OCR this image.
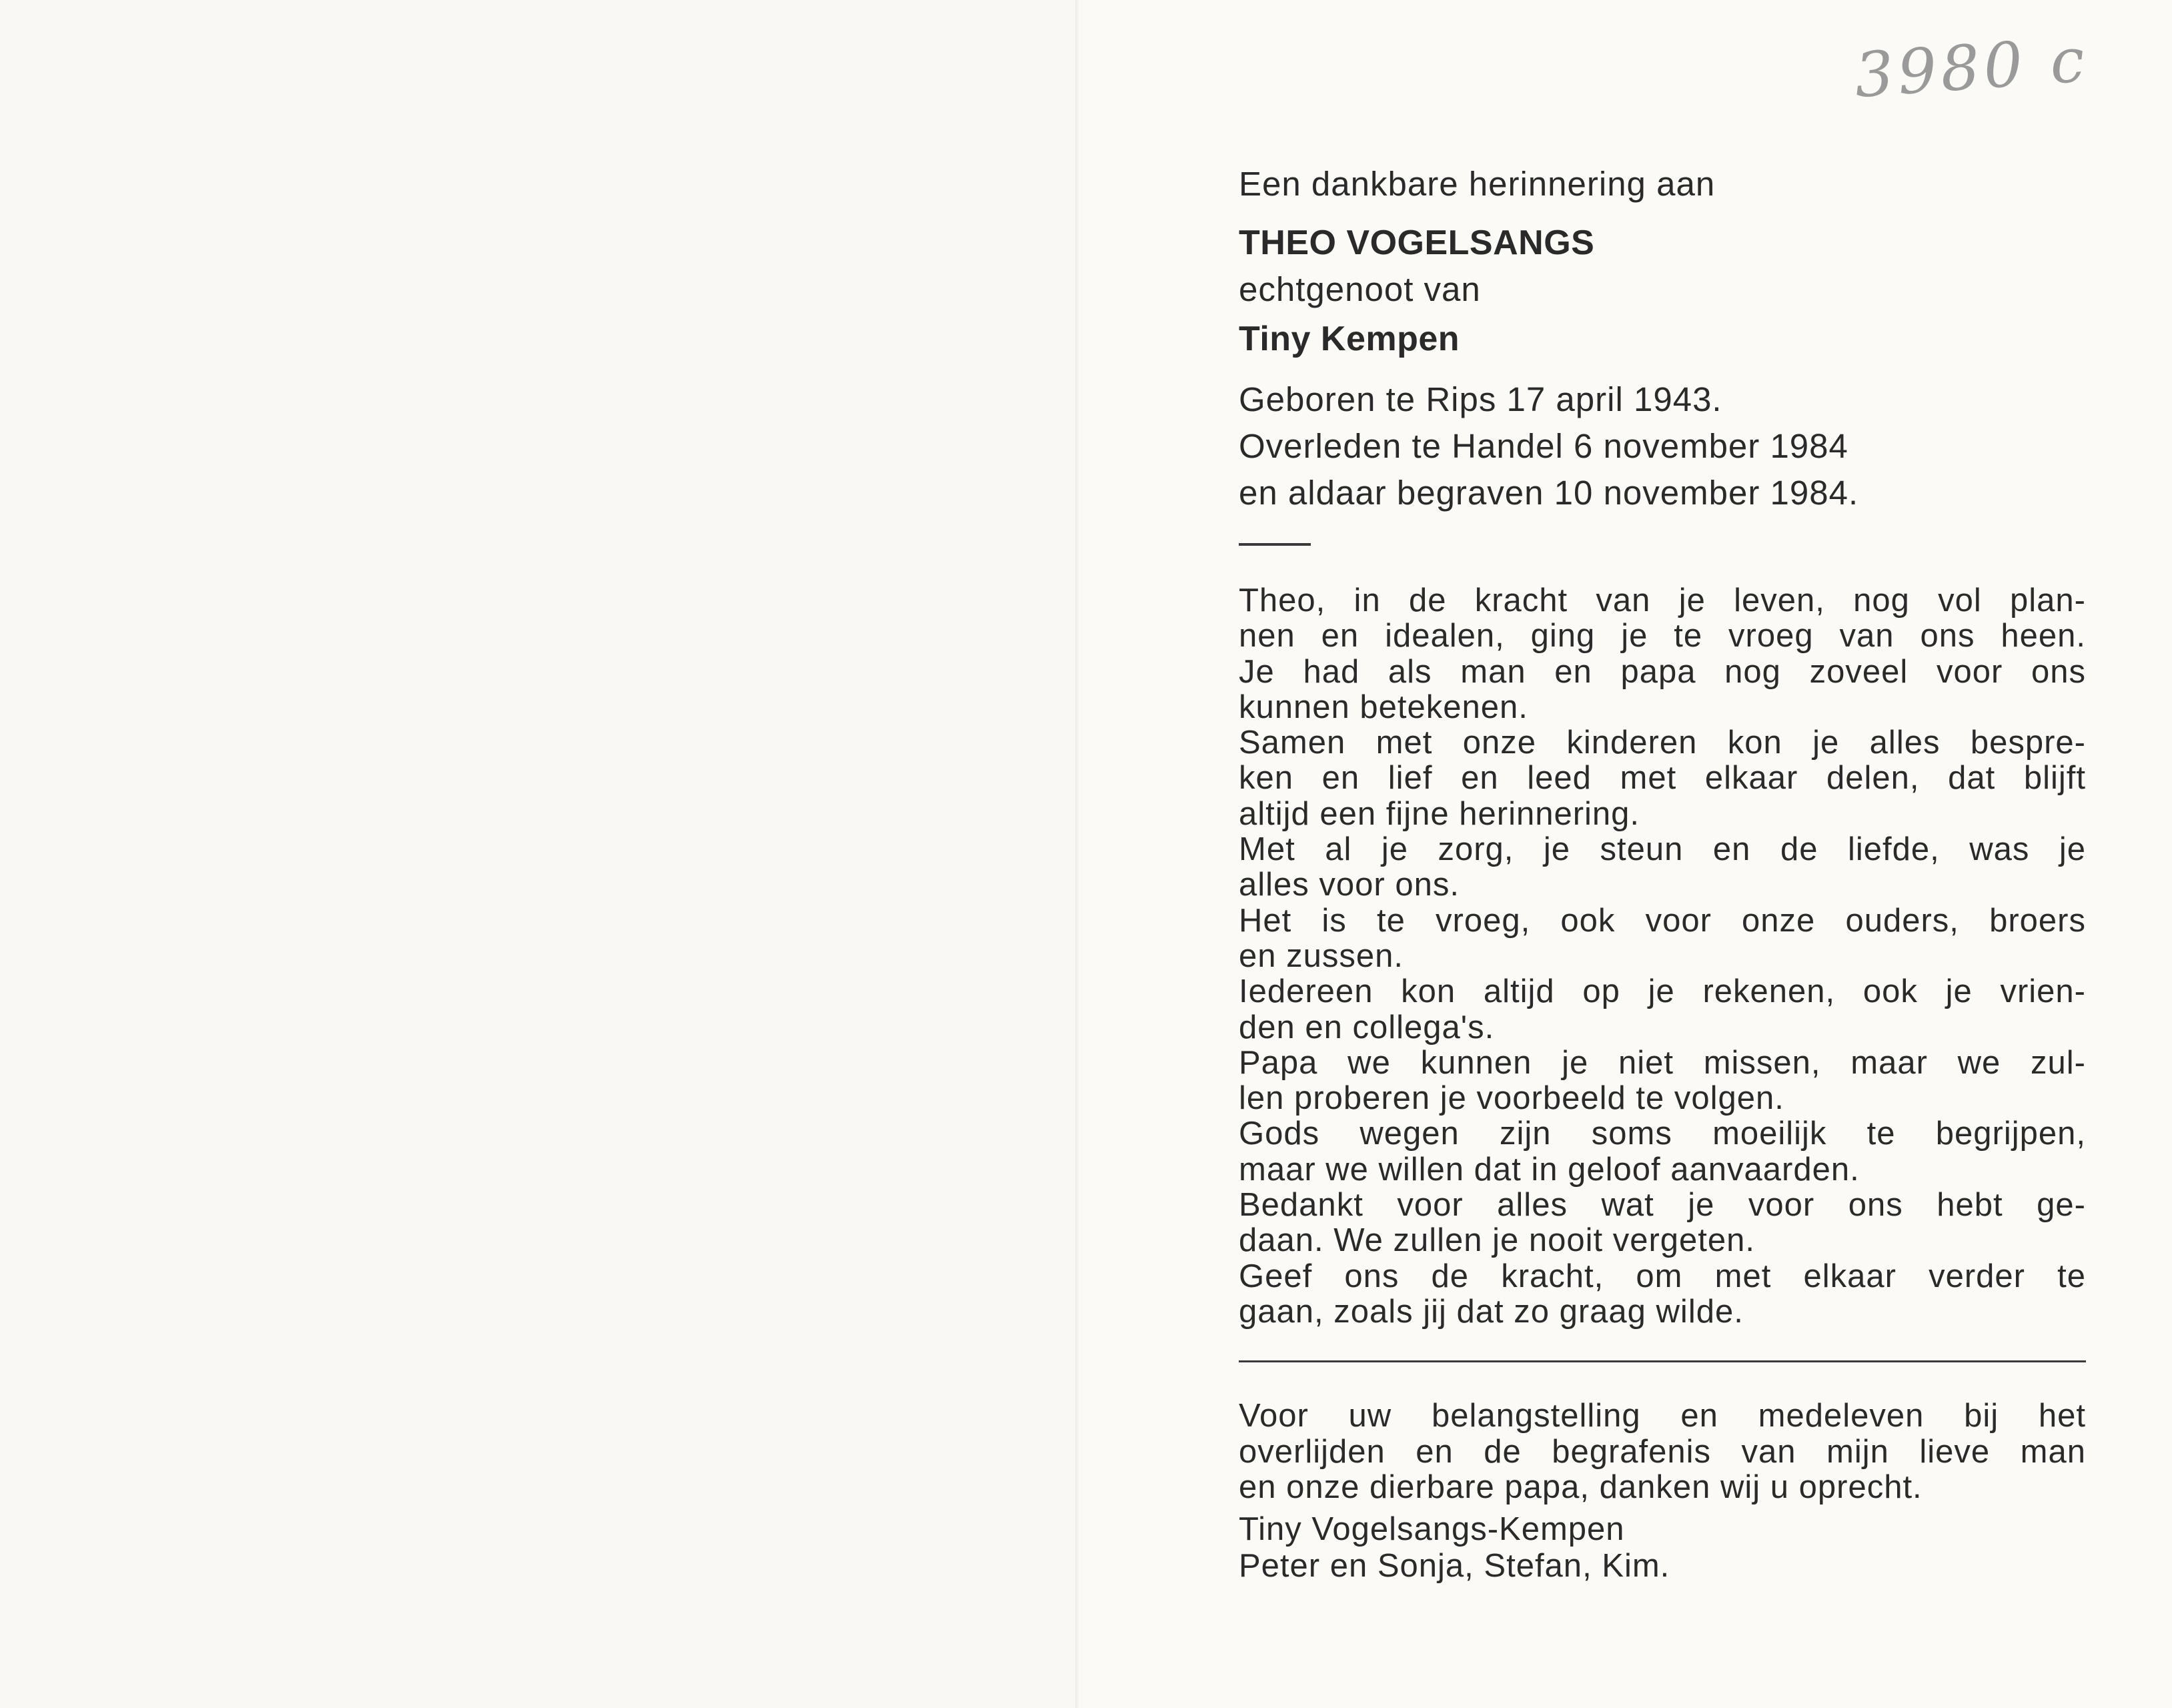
3980 c
Een dankbare herinnering aan
THEO VOGELSANGS
echtgenoot van
Tiny Kempen
Geboren te Rips 17 april 1943.
Overleden te Handel 6 november 1984
en aldaar begraven 10 november 1984.
Theo, in de kracht van je leven, nog vol plan-
nen en idealen, ging je te vroeg van ons heen.
Je had als man en papa nog zoveel voor ons
kunnen betekenen.
Samen met onze kinderen kon je alles bespre-
ken en lief en leed met elkaar delen, dat blijft
altijd een fijne herinnering.
Met al je zorg, je steun en de liefde, was je
alles voor ons.
Het is te vroeg, ook voor onze ouders, broers
en zussen.
Iedereen kon altijd op je rekenen, ook je vrien-
den en collega's.
Papa we kunnen je niet missen, maar we zul-
len proberen je voorbeeld te volgen.
Gods wegen zijn soms moeilijk te begrijpen,
maar we willen dat in geloof aanvaarden.
Bedankt voor alles wat je voor ons hebt ge-
daan. We zullen je nooit vergeten.
Geef ons de kracht, om met elkaar verder te
gaan, zoals jij dat zo graag wilde.
Voor uw belangstelling en medeleven bij het
overlijden en de begrafenis van mijn lieve man
en onze dierbare papa, danken wij u oprecht.
Tiny Vogelsangs-Kempen
Peter en Sonja, Stefan, Kim.
